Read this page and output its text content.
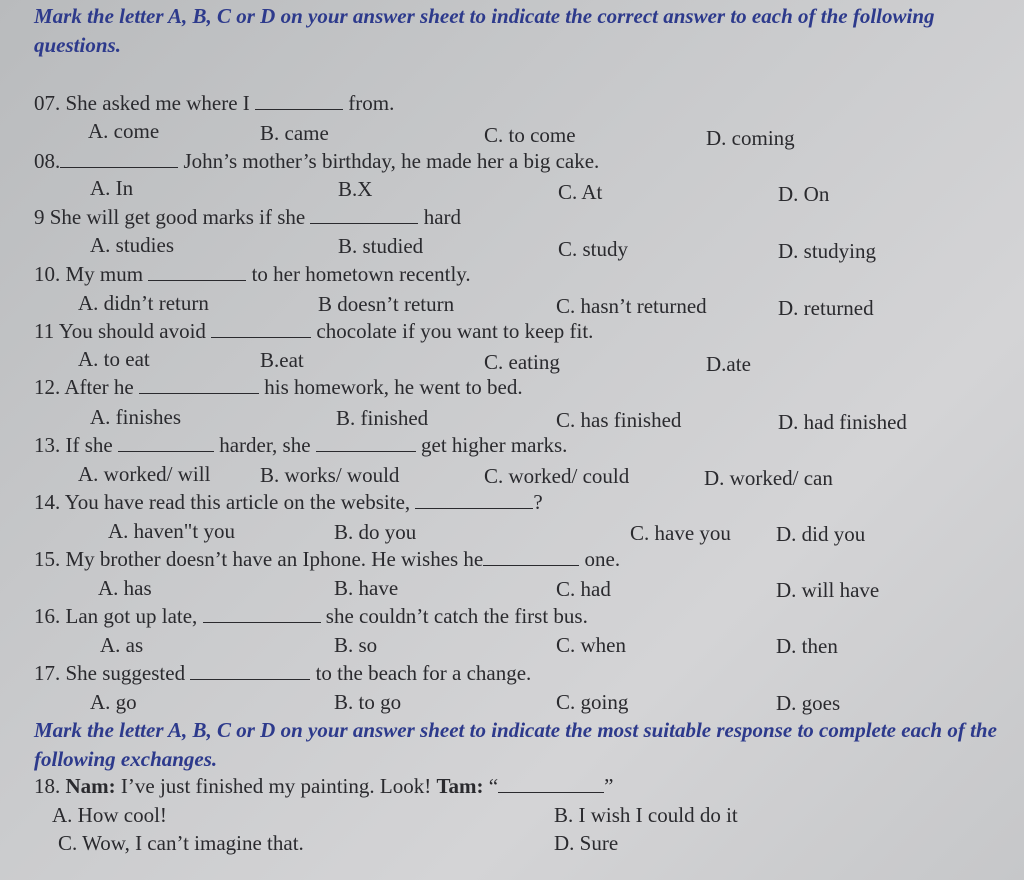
Mark the letter A, B, C or D on your answer sheet to indicate the correct answer to each of the following questions.

07. She asked me where I	from.
A. come	B. came	C. to come	D. coming
08.	John’s mother’s birthday, he made her a big cake.
A. In	B.X	C. At	D. On
9 She will get good marks if she	hard
A. studies	B. studied	C. study	D. studying
10. My mum	to her hometown recently.
A. didn’t return	B doesn’t return	C. hasn’t returned	D. returned
11 You should avoid	chocolate if you want to keep fit.
A. to eat	B.eat	C. eating	D.ate
12. After he	his homework, he went to bed.
A. finishes	B. finished	C. has finished	D. had finished
13. If she	harder, she	get higher marks.
A. worked/ will B. works/ would	C. worked/ could	D. worked/ can
14. You have read this article on the website,	?
A. haven"t you	B. do you	C. have you D. did you
15. My brother doesn’t have an Iphone. He wishes he	one.
A. has	B. have	C. had	D. will have
16. Lan got up late,	she couldn’t catch the first bus.
A. as	B. so	C. when	D. then
17. She suggested	to the beach for a change.
A. go	B. to go	C. going	D. goes

Mark the letter A, B, C or D on your answer sheet to indicate the most suitable response to complete each of the following exchanges.

18. Nam: I’ve just finished my painting. Look! Tam: “	”
A. How cool!	B. I wish I could do it
C. Wow, I can’t imagine that.	D. Sure
